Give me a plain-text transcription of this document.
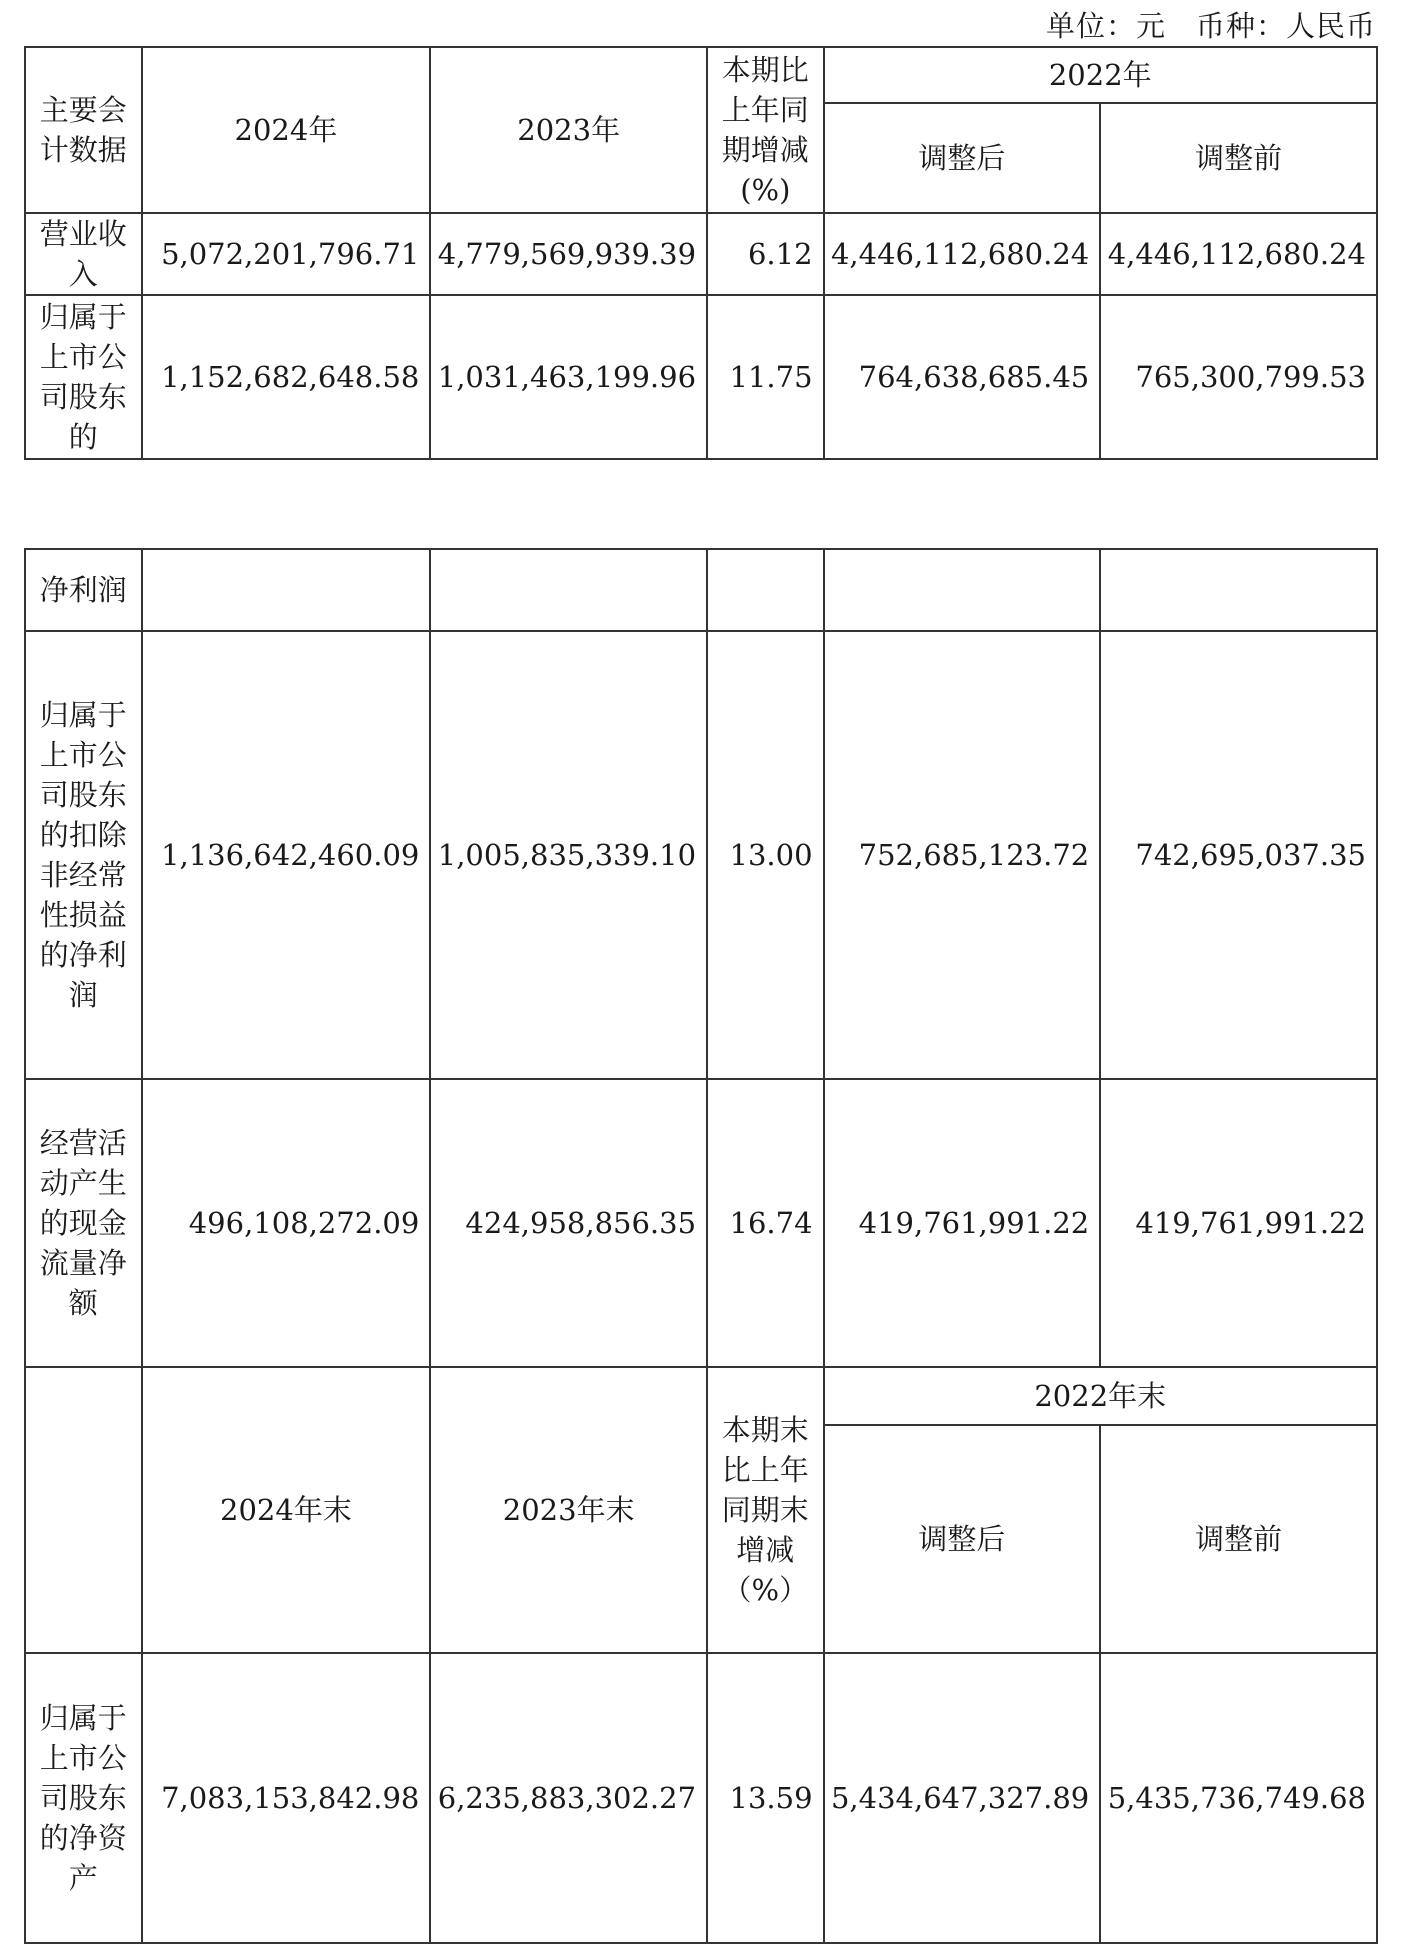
单位：元 币种：人民币
主要会计数据	2024年	2023年	本期比上年同期增减(%)	2022年	
				调整后	调整前
营业收入	5,072,201,796.71	4,779,569,939.39	6.12	4,446,112,680.24	4,446,112,680.24
归属于上市公司股东的	1,152,682,648.58	1,031,463,199.96	11.75	764,638,685.45	765,300,799.53
净利润					
归属于上市公司股东的扣除非经常性损益的净利润	1,136,642,460.09	1,005,835,339.10	13.00	752,685,123.72	742,695,037.35
经营活动产生的现金流量净额	496,108,272.09	424,958,856.35	16.74	419,761,991.22	419,761,991.22
	2024年末	2023年末	本期末比上年同期末增减（%）	2022年末	
				调整后	调整前
归属于上市公司股东的净资产	7,083,153,842.98	6,235,883,302.27	13.59	5,434,647,327.89	5,435,736,749.68
